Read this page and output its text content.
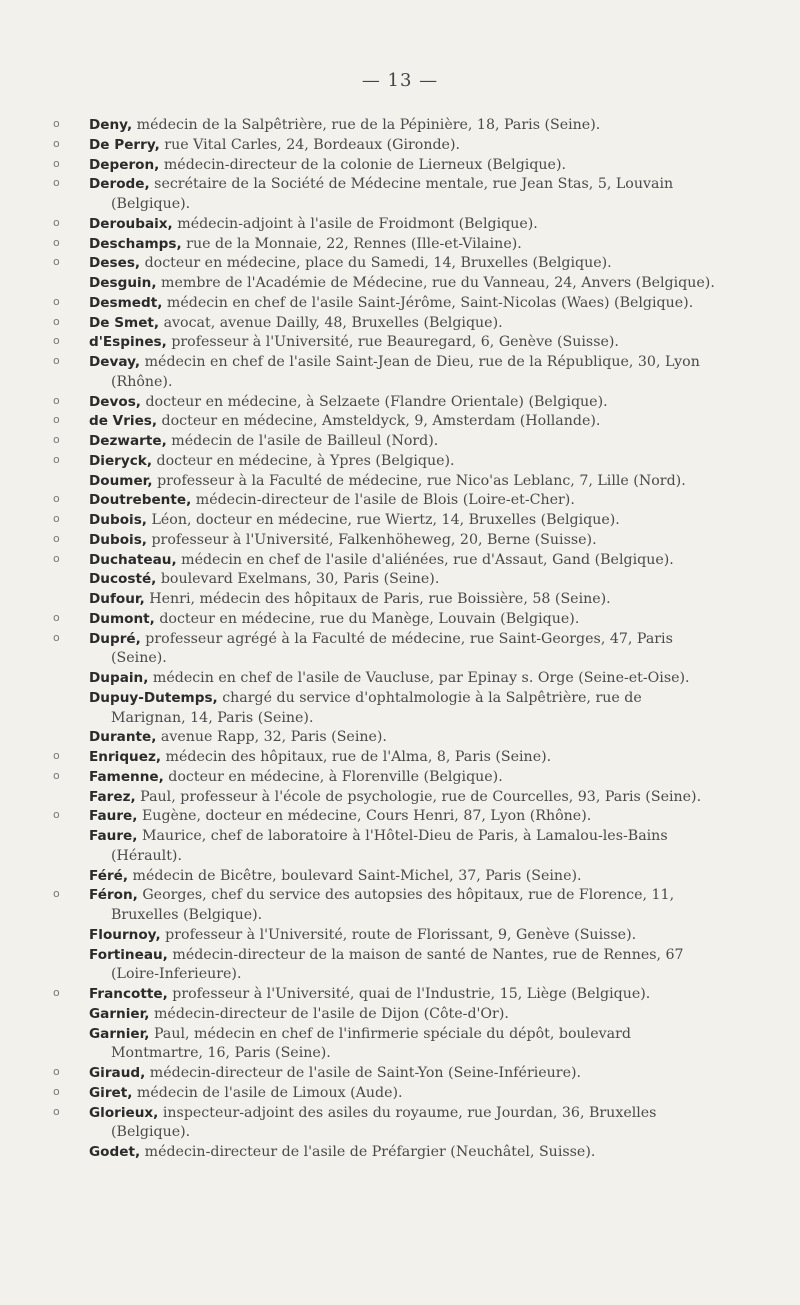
— 13 —
o Deny, médecin de la Salpêtrière, rue de la Pépinière, 18, Paris (Seine).
o De Perry, rue Vital Carles, 24, Bordeaux (Gironde).
o Deperon, médecin-directeur de la colonie de Lierneux (Belgique).
o Derode, secrétaire de la Société de Médecine mentale, rue Jean Stas, 5, Louvain (Belgique).
o Deroubaix, médecin-adjoint à l'asile de Froidmont (Belgique).
o Deschamps, rue de la Monnaie, 22, Rennes (Ille-et-Vilaine).
o Deses, docteur en médecine, place du Samedi, 14, Bruxelles (Belgique).
Desguin, membre de l'Académie de Médecine, rue du Vanneau, 24, Anvers (Belgique).
o Desmedt, médecin en chef de l'asile Saint-Jérôme, Saint-Nicolas (Waes) (Belgique).
o De Smet, avocat, avenue Dailly, 48, Bruxelles (Belgique).
o d'Espines, professeur à l'Université, rue Beauregard, 6, Genève (Suisse).
o Devay, médecin en chef de l'asile Saint-Jean de Dieu, rue de la République, 30, Lyon (Rhône).
o Devos, docteur en médecine, à Selzaete (Flandre Orientale) (Belgique).
o de Vries, docteur en médecine, Amsteldyck, 9, Amsterdam (Hollande).
o Dezwarte, médecin de l'asile de Bailleul (Nord).
o Dieryck, docteur en médecine, à Ypres (Belgique).
Doumer, professeur à la Faculté de médecine, rue Nico'as Leblanc, 7, Lille (Nord).
o Doutrebente, médecin-directeur de l'asile de Blois (Loire-et-Cher).
o Dubois, Léon, docteur en médecine, rue Wiertz, 14, Bruxelles (Belgique).
o Dubois, professeur à l'Université, Falkenhöheweg, 20, Berne (Suisse).
o Duchateau, médecin en chef de l'asile d'aliénées, rue d'Assaut, Gand (Belgique).
Ducosté, boulevard Exelmans, 30, Paris (Seine).
Dufour, Henri, médecin des hôpitaux de Paris, rue Boissière, 58 (Seine).
o Dumont, docteur en médecine, rue du Manège, Louvain (Belgique).
o Dupré, professeur agrégé à la Faculté de médecine, rue Saint-Georges, 47, Paris (Seine).
Dupain, médecin en chef de l'asile de Vaucluse, par Epinay s. Orge (Seine-et-Oise).
Dupuy-Dutemps, chargé du service d'ophtalmologie à la Salpêtrière, rue de Marignan, 14, Paris (Seine).
Durante, avenue Rapp, 32, Paris (Seine).
o Enriquez, médecin des hôpitaux, rue de l'Alma, 8, Paris (Seine).
o Famenne, docteur en médecine, à Florenville (Belgique).
Farez, Paul, professeur à l'école de psychologie, rue de Courcelles, 93, Paris (Seine).
o Faure, Eugène, docteur en médecine, Cours Henri, 87, Lyon (Rhône).
Faure, Maurice, chef de laboratoire à l'Hôtel-Dieu de Paris, à Lamalou-les-Bains (Hérault).
Féré, médecin de Bicêtre, boulevard Saint-Michel, 37, Paris (Seine).
o Féron, Georges, chef du service des autopsies des hôpitaux, rue de Florence, 11, Bruxelles (Belgique).
Flournoy, professeur à l'Université, route de Florissant, 9, Genève (Suisse).
Fortineau, médecin-directeur de la maison de santé de Nantes, rue de Rennes, 67 (Loire-Inferieure).
o Francotte, professeur à l'Université, quai de l'Industrie, 15, Liège (Belgique).
Garnier, médecin-directeur de l'asile de Dijon (Côte-d'Or).
Garnier, Paul, médecin en chef de l'infirmerie spéciale du dépôt, boulevard Montmartre, 16, Paris (Seine).
o Giraud, médecin-directeur de l'asile de Saint-Yon (Seine-Inférieure).
o Giret, médecin de l'asile de Limoux (Aude).
o Glorieux, inspecteur-adjoint des asiles du royaume, rue Jourdan, 36, Bruxelles (Belgique).
Godet, médecin-directeur de l'asile de Préfargier (Neuchâtel, Suisse).
